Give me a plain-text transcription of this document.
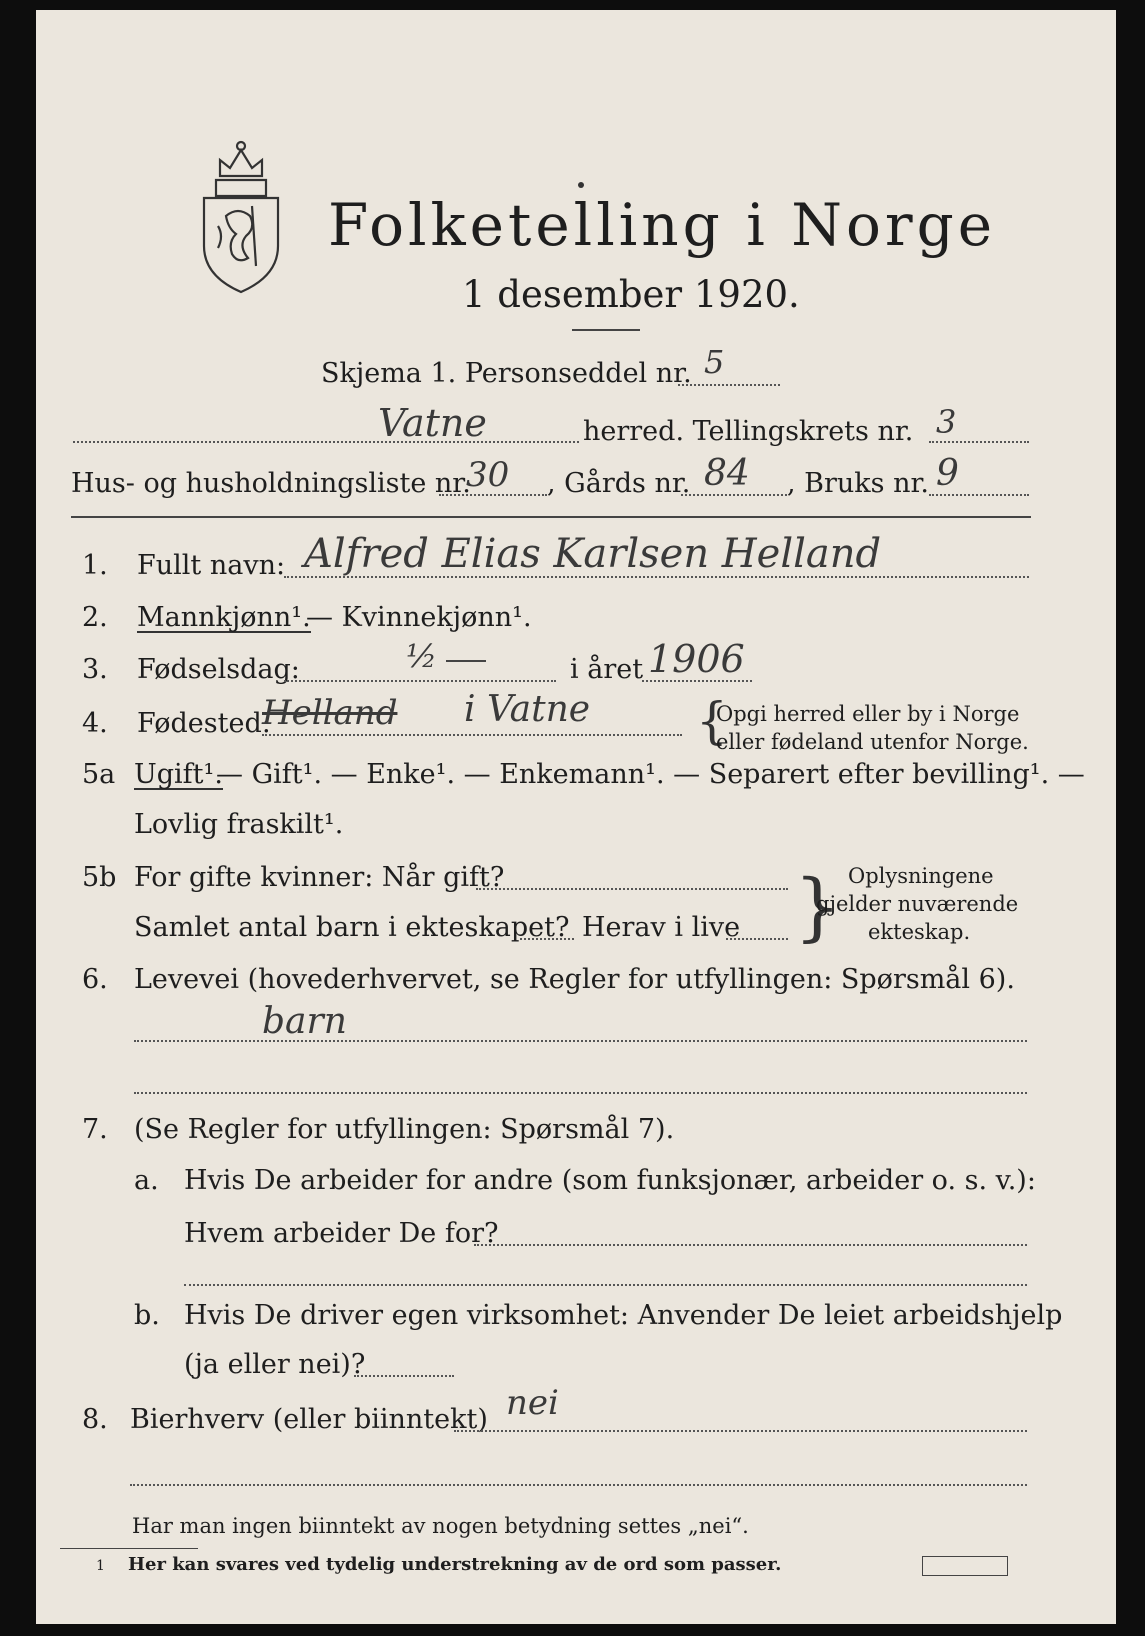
Folketelling i Norge
1 desember 1920.
Skjema 1. Personseddel nr. 5
Vatne	herred. Tellingskrets nr. 3
Hus- og husholdningsliste nr.
30 , Gårds nr. 84 , Bruks nr. 9
1. Fullt navn: Alfred Elias Karlsen Helland
2. Mannkjønn¹.
— Kvinnekjønn¹.
3. Fødselsdag:	½	i året 1906
4. Fødested:
Helland i Vatne {
Opgi herred eller by i Norge
eller fødeland utenfor Norge.
5a Ugift¹.
— Gift¹. — Enke¹. — Enkemann¹. — Separert efter bevilling¹. —
Lovlig fraskilt¹.
5b For gifte kvinner: Når gift?
Samlet antal barn i ekteskapet? Herav i live } Oplysningene
gjelder nuværende
ekteskap.
6. Levevei (hovederhvervet, se Regler for utfyllingen: Spørsmål 6).
barn
7. (Se Regler for utfyllingen: Spørsmål 7).
a. Hvis De arbeider for andre (som funksjonær, arbeider o. s. v.):
Hvem arbeider De for?
b. Hvis De driver egen virksomhet: Anvender De leiet arbeidshjelp
(ja eller nei)?
8. Bierhverv (eller biinntekt) nei
Har man ingen biinntekt av nogen betydning settes „nei“.
1 Her kan svares ved tydelig understrekning av de ord som passer.
